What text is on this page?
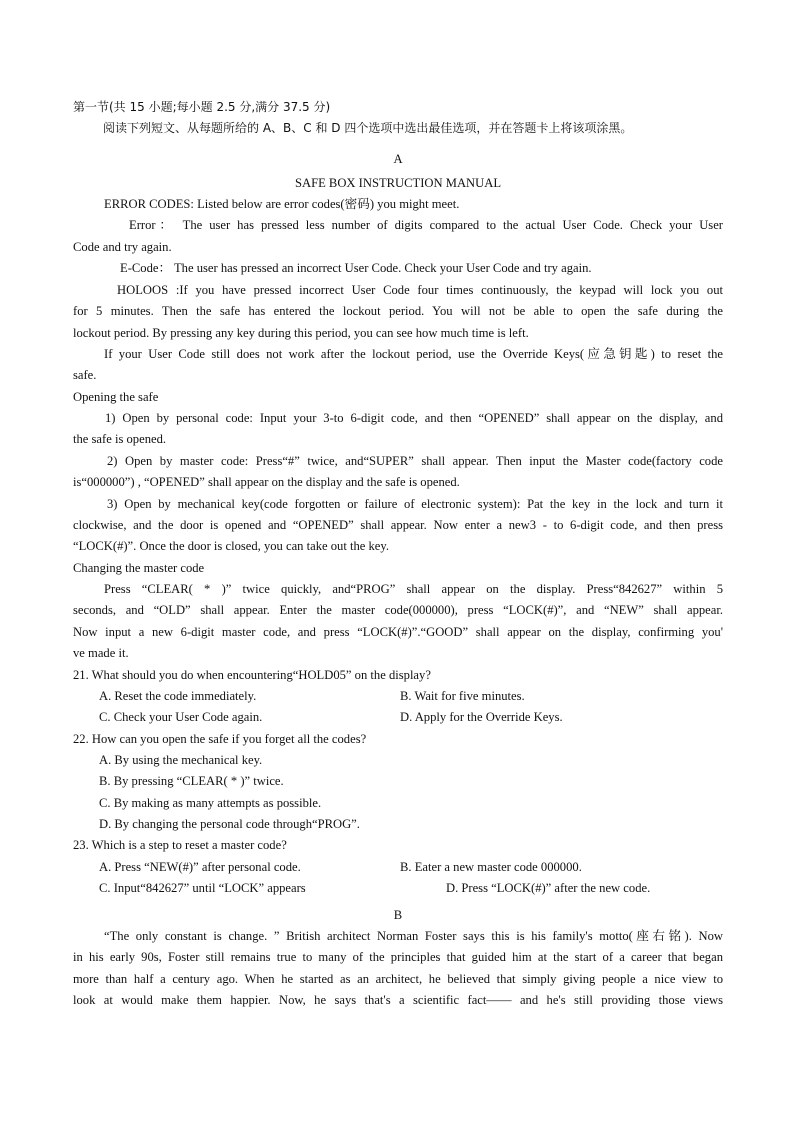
第一节(共 15 小题;每小题 2.5 分,满分 37.5 分)
阅读下列短文、从每题所给的 A、B、C 和 D 四个选项中选出最佳选项，并在答题卡上将该项涂黑。
A
SAFE BOX INSTRUCTION MANUAL
ERROR CODES: Listed below are error codes(密码) you might meet.
Error： The user has pressed less number of digits compared to the actual User Code. Check your User
Code and try again.
E-Code： The user has pressed an incorrect User Code. Check your User Code and try again.
HOLOOS :If you have pressed incorrect User Code four times continuously, the keypad will lock you out
for 5 minutes. Then the safe has entered the lockout period. You will not be able to open the safe during the
lockout period. By pressing any key during this period, you can see how much time is left.
If your User Code still does not work after the lockout period, use the Override Keys(应急钥匙) to reset the
safe.
Opening the safe
1) Open by personal code: Input your 3-to 6-digit code, and then “OPENED” shall appear on the display, and
the safe is opened.
2) Open by master code: Press“#” twice, and“SUPER” shall appear. Then input the Master code(factory code
is“000000”) , “OPENED” shall appear on the display and the safe is opened.
3) Open by mechanical key(code forgotten or failure of electronic system): Pat the key in the lock and turn it
clockwise, and the door is opened and “OPENED” shall appear. Now enter a new3 - to 6-digit code, and then press
“LOCK(#)”. Once the door is closed, you can take out the key.
Changing the master code
Press “CLEAR( * )” twice quickly, and“PROG” shall appear on the display. Press“842627” within 5
seconds, and “OLD” shall appear. Enter the master code(000000), press “LOCK(#)”, and “NEW” shall appear.
Now input a new 6-digit master code, and press “LOCK(#)”.“GOOD” shall appear on the display, confirming you'
ve made it.
21. What should you do when encountering“HOLD05” on the display?
A. Reset the code immediately.	B. Wait for five minutes.
C. Check your User Code again.	D. Apply for the Override Keys.
22. How can you open the safe if you forget all the codes?
A. By using the mechanical key.
B. By pressing “CLEAR( * )” twice.
C. By making as many attempts as possible.
D. By changing the personal code through“PROG”.
23. Which is a step to reset a master code?
A. Press “NEW(#)” after personal code.	B. Eater a new master code 000000.
C. Input“842627” until “LOCK” appears	D. Press “LOCK(#)” after the new code.
B
“The only constant is change. ” British architect Norman Foster says this is his family's motto(座右铭). Now
in his early 90s, Foster still remains true to many of the principles that guided him at the start of a career that began
more than half a century ago. When he started as an architect, he believed that simply giving people a nice view to
look at would make them happier. Now, he says that's a scientific fact—— and he's still providing those views
